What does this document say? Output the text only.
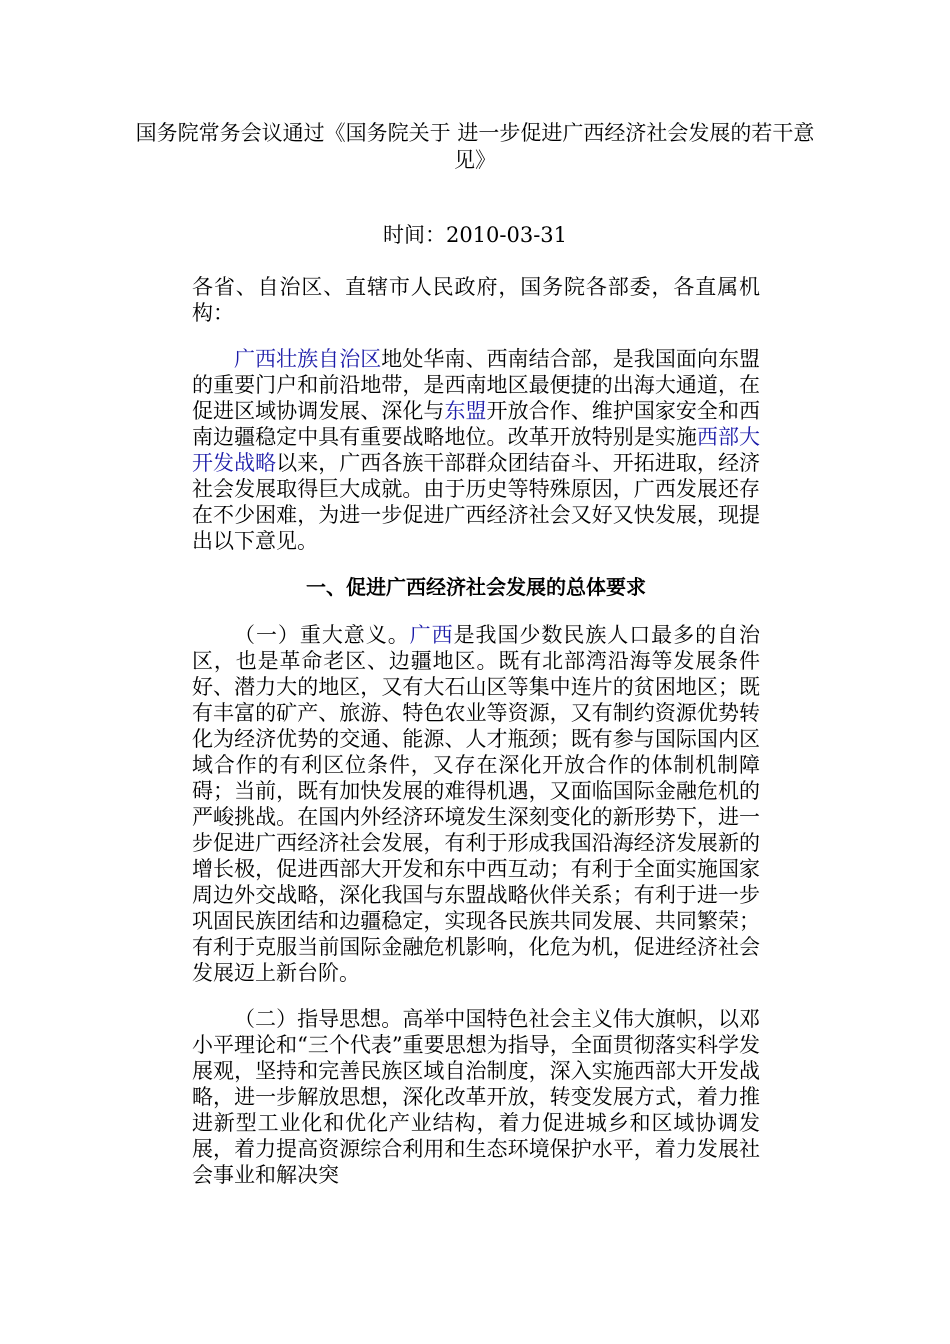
国务院常务会议通过《国务院关于 进一步促进广西经济社会发展的若干意见》
时间：2010-03-31

各省、自治区、直辖市人民政府，国务院各部委，各直属机构：

广西壮族自治区地处华南、西南结合部，是我国面向东盟的重要门户和前沿地带，是西南地区最便捷的出海大通道，在促进区域协调发展、深化与东盟开放合作、维护国家安全和西南边疆稳定中具有重要战略地位。改革开放特别是实施西部大开发战略以来，广西各族干部群众团结奋斗、开拓进取，经济社会发展取得巨大成就。由于历史等特殊原因，广西发展还存在不少困难，为进一步促进广西经济社会又好又快发展，现提出以下意见。

一、促进广西经济社会发展的总体要求

（一）重大意义。广西是我国少数民族人口最多的自治区，也是革命老区、边疆地区。既有北部湾沿海等发展条件好、潜力大的地区，又有大石山区等集中连片的贫困地区；既有丰富的矿产、旅游、特色农业等资源，又有制约资源优势转化为经济优势的交通、能源、人才瓶颈；既有参与国际国内区域合作的有利区位条件，又存在深化开放合作的体制机制障碍；当前，既有加快发展的难得机遇，又面临国际金融危机的严峻挑战。在国内外经济环境发生深刻变化的新形势下，进一步促进广西经济社会发展，有利于形成我国沿海经济发展新的增长极，促进西部大开发和东中西互动；有利于全面实施国家周边外交战略，深化我国与东盟战略伙伴关系；有利于进一步巩固民族团结和边疆稳定，实现各民族共同发展、共同繁荣；有利于克服当前国际金融危机影响，化危为机，促进经济社会发展迈上新台阶。

（二）指导思想。高举中国特色社会主义伟大旗帜，以邓小平理论和“三个代表”重要思想为指导，全面贯彻落实科学发展观，坚持和完善民族区域自治制度，深入实施西部大开发战略，进一步解放思想，深化改革开放，转变发展方式，着力推进新型工业化和优化产业结构，着力促进城乡和区域协调发展，着力提高资源综合利用和生态环境保护水平，着力发展社会事业和解决突
